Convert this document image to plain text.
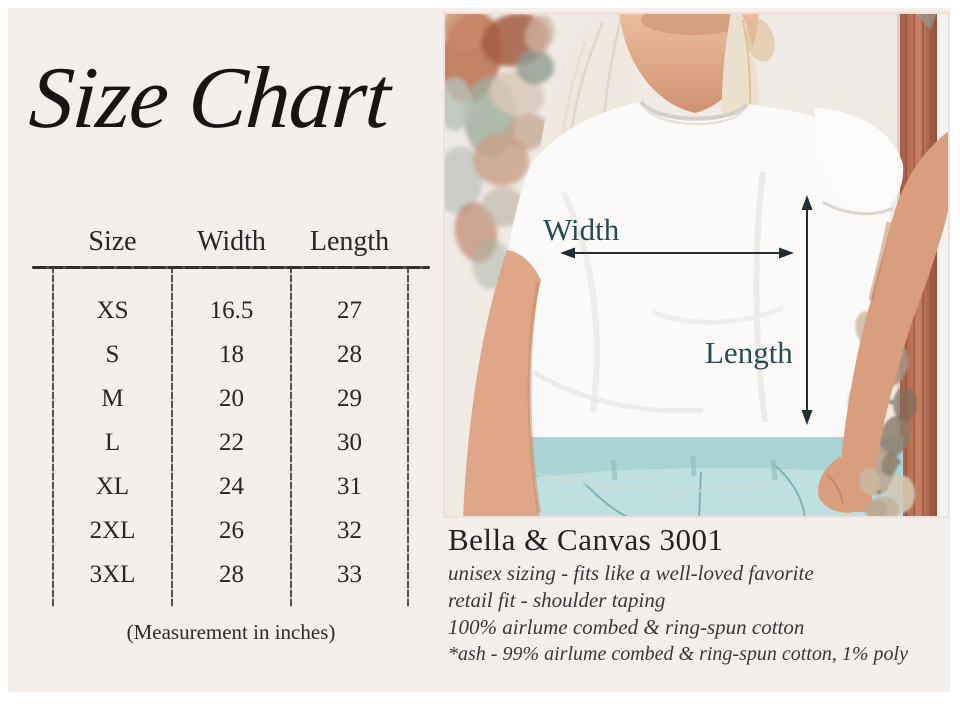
Size Chart
Size	Width	Length
XS	16.5	27
S	18	28
M	20	29
L	22	30
XL	24	31
2XL	26	32
3XL	28	33
(Measurement in inches)
Width
Length
Bella & Canvas 3001
unisex sizing - fits like a well-loved favorite
retail fit - shoulder taping
100% airlume combed & ring-spun cotton
*ash - 99% airlume combed & ring-spun cotton, 1% poly
